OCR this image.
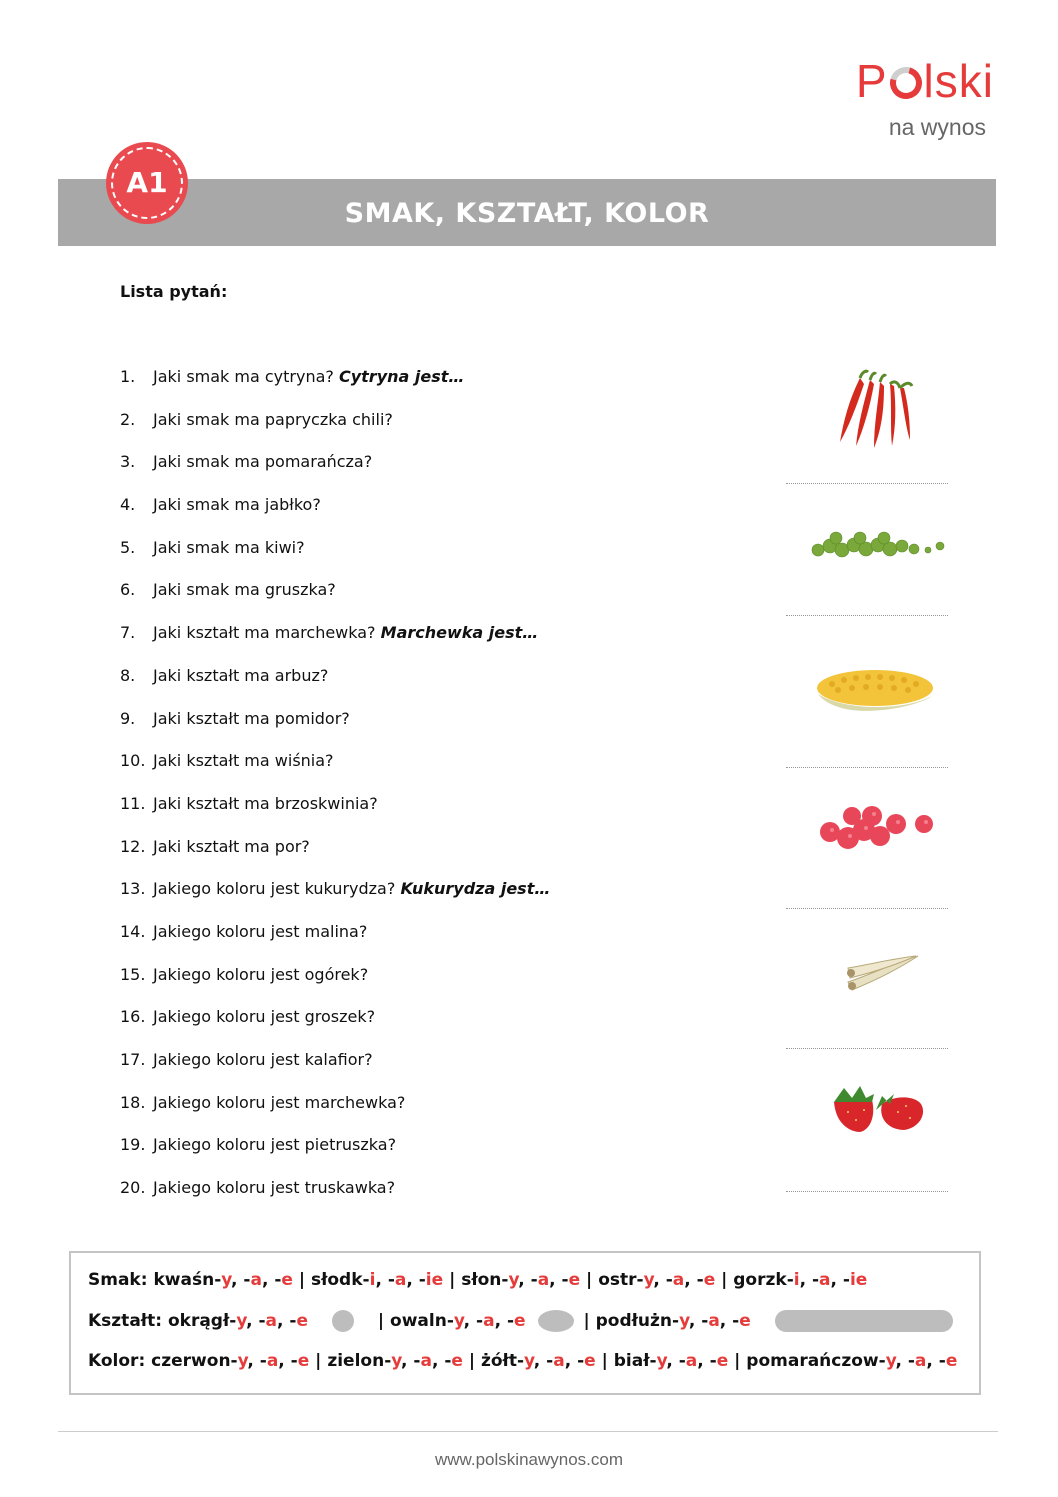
P lski
na wynos
SMAK, KSZTAŁT, KOLOR
A1
Lista pytań:
1. Jaki smak ma cytryna? Cytryna jest…
2. Jaki smak ma papryczka chili?
3. Jaki smak ma pomarańcza?
4. Jaki smak ma jabłko?
5. Jaki smak ma kiwi?
6. Jaki smak ma gruszka?
7. Jaki kształt ma marchewka? Marchewka jest…
8. Jaki kształt ma arbuz?
9. Jaki kształt ma pomidor?
10. Jaki kształt ma wiśnia?
11. Jaki kształt ma brzoskwinia?
12. Jaki kształt ma por?
13. Jakiego koloru jest kukurydza? Kukurydza jest…
14. Jakiego koloru jest malina?
15. Jakiego koloru jest ogórek?
16. Jakiego koloru jest groszek?
17. Jakiego koloru jest kalafior?
18. Jakiego koloru jest marchewka?
19. Jakiego koloru jest pietruszka?
20. Jakiego koloru jest truskawka?
Smak: kwaśn-y, -a, -e | słodk-i, -a, -ie | słon-y, -a, -e | ostr-y, -a, -e | gorzk-i, -a, -ie
Kształt: okrągł-y, -a, -e	| owaln-y, -a, -e	| podłużn-y, -a, -e
Kolor: czerwon-y, -a, -e | zielon-y, -a, -e | żółt-y, -a, -e | biał-y, -a, -e | pomarańczow-y, -a, -e
www.polskinawynos.com
